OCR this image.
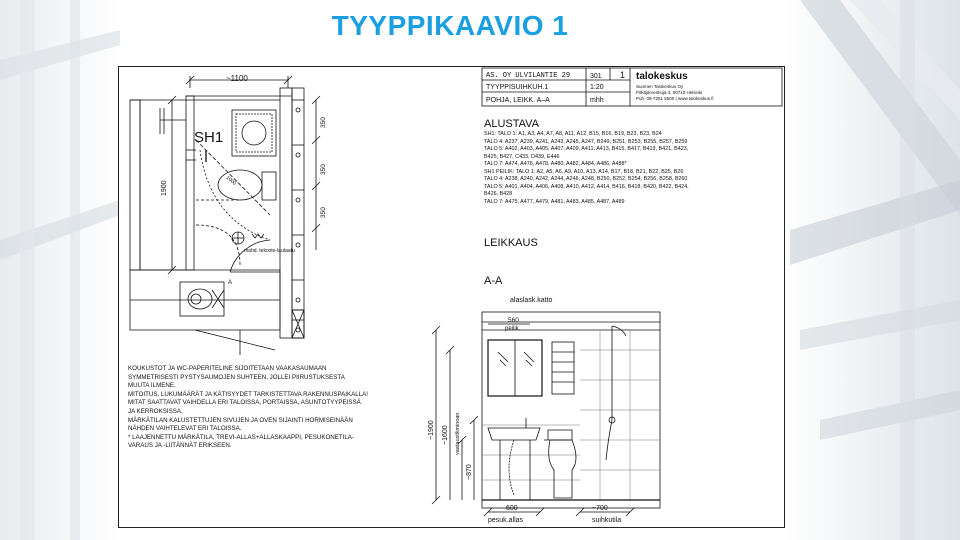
TYYPPIKAAVIO 1
~1100
SH1
1900
350
350
350
1000
mahd. tekoste-lautaatu
A
AS. OY ULVILANTIE 29	301 1
TYYPPISUIHKUH.1	1:20
POHJA, LEIKK. A–A	mhh
talokeskus
Suomen Talokeskus Oy
Pitkäjärvenkuja 4, 00710 Helsinki
Puh. 09-7251 5500 | www.talokeskus.fi
ALUSTAVA
LEIKKAUS
A-A
alaslask.katto
560
peilik.
~1900 ~1600 vaataustiliminoan
~870
600
pesuk.allas
~700
suihkutila
SH1: TALO 1: A1, A3, A4, A7, A8, A11, A12, B15, B16, B19, B23, B23, B24
TALO 4: A237, A239, A241, A243, A245, A247, B249, B251, B253, B255, B257, B259
TALO 5: A402, A403, A405, A407, A409, A411, A413, B415, B417, B419, B421, B423,
B425, B427, C433, D439, E446
TALO 7: A474, A476, A478, A480, A482, A484, A486, A488*
SH1 PEILIK: TALO 1: A2, A5, A6, A9, A10, A13, A14, B17, B18, B21, B22, B25, B26
TALO 4: A238, A240, A242, A244, A246, A248, B250, B252, B254, B256, B258, B260
TALO 5: A401, A404, A406, A408, A410, A412, A414, B416, B418, B420, B422, B424,
B426, B428
TALO 7: A475, A477, A479, A481, A483, A485, A487, A489
KOUKUSTOT JA WC-PAPERITELINE SIJOITETAAN VAAKASAUMAAN
SYMMETRISESTI PYSTYSAUMOJEN SUHTEEN, JOLLEI PIIRUSTUKSESTA
MUUTA ILMENE.
MITOITUS, LUKUMÄÄRÄT JA KÄTISYYDET TARKISTETTAVA RAKENNUSPAIKALLA!
MITAT SAATTAVAT VAIHDELLA ERI TALOISSA, PORTAISSA, ASUNTOTYYPEISSÄ
JA KERROKSISSA.
MÄRKÄTILAN KALUSTETTUJEN SIVUJEN JA OVEN SIJAINTI HORMISEINÄÄN
NÄHDEN VAIHTELEVAT ERI TALOISSA.
* LAAJENNETTU MÄRKÄTILA, TREVI-ALLAS+ALLASKAAPPI, PESUKONETILA-
VARAUS JA -LIITÄNNÄT ERIKSEEN.
